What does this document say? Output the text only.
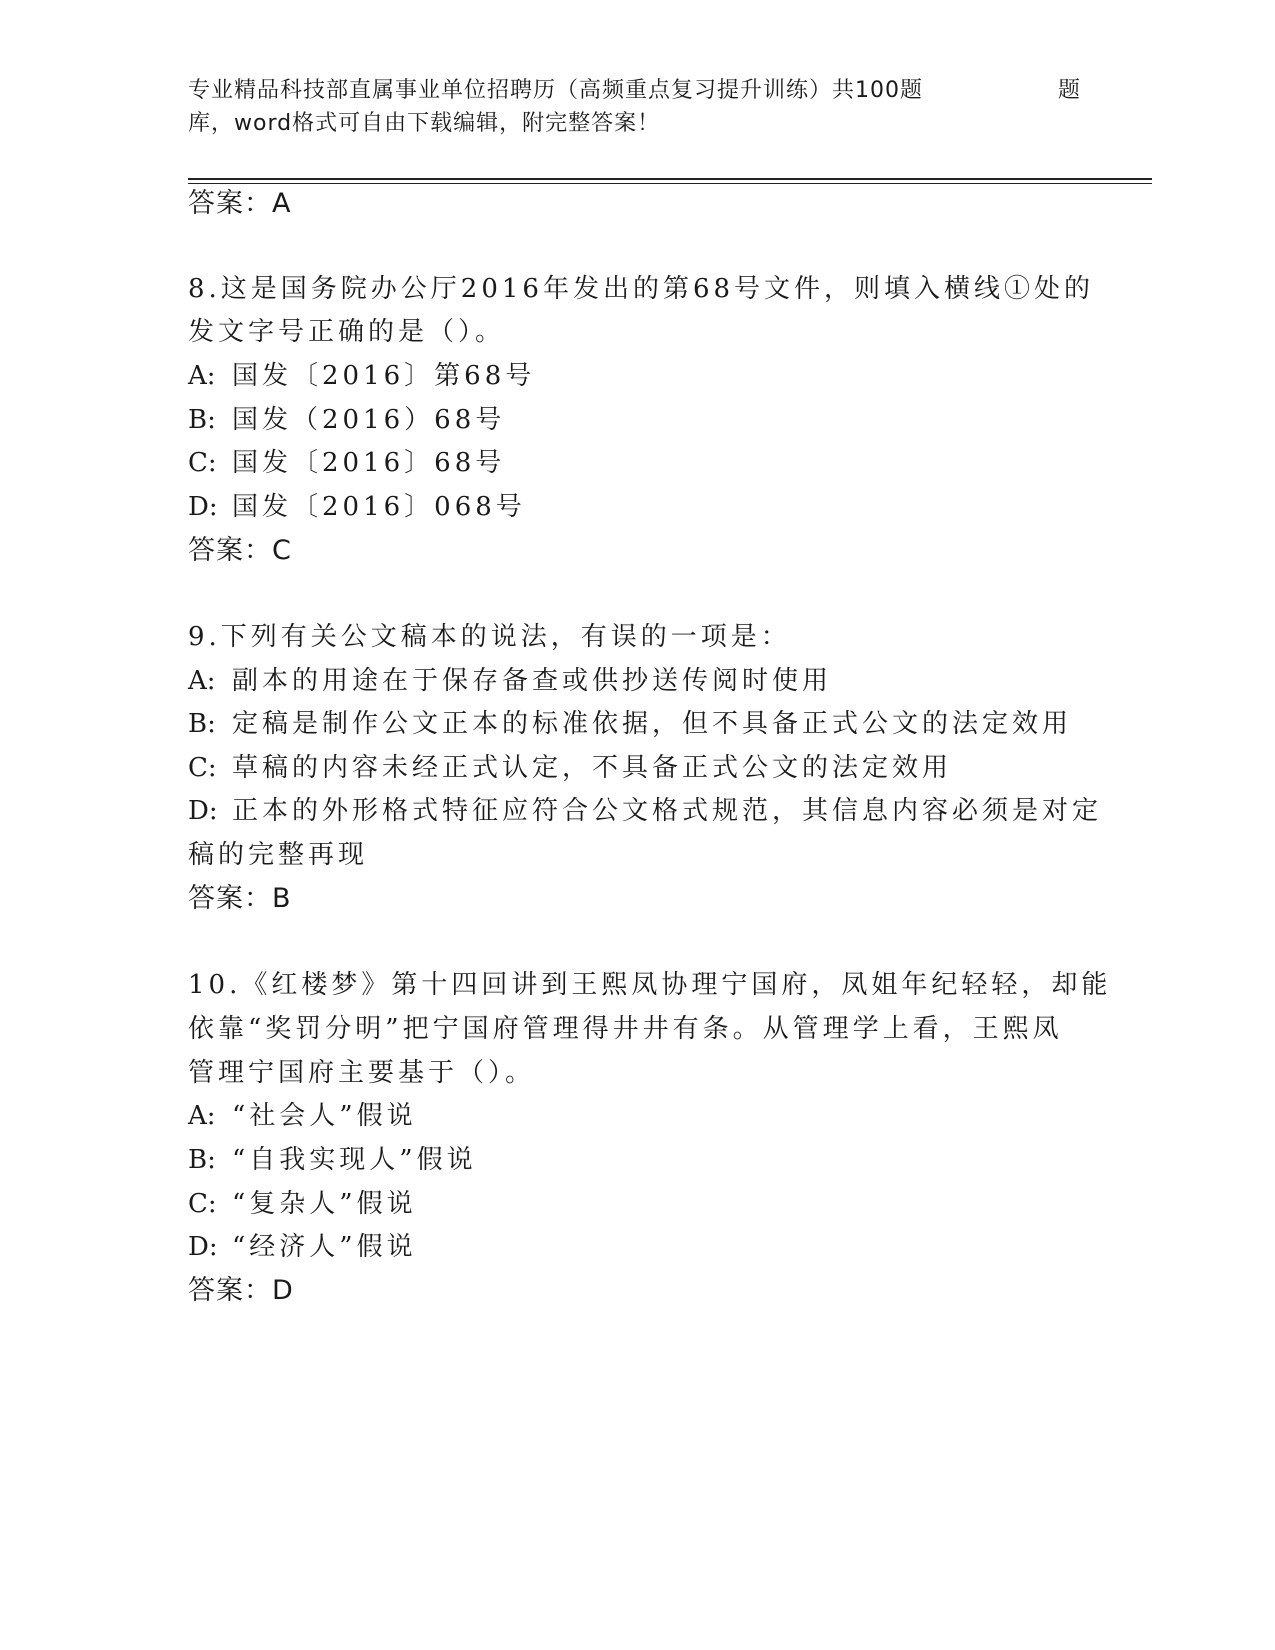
专业精品科技部直属事业单位招聘历（高频重点复习提升训练）共100题	题
库，word格式可自由下载编辑，附完整答案！
答案：A
8.这是国务院办公厅2016年发出的第68号文件，则填入横线①处的
发文字号正确的是（）。
A: 国发〔2016〕第68号
B: 国发（2016）68号
C: 国发〔2016〕68号
D: 国发〔2016〕068号
答案：C
9.下列有关公文稿本的说法，有误的一项是：
A: 副本的用途在于保存备查或供抄送传阅时使用
B: 定稿是制作公文正本的标准依据，但不具备正式公文的法定效用
C: 草稿的内容未经正式认定，不具备正式公文的法定效用
D: 正本的外形格式特征应符合公文格式规范，其信息内容必须是对定
稿的完整再现
答案：B
10.《红楼梦》第十四回讲到王熙凤协理宁国府，凤姐年纪轻轻，却能
依靠“奖罚分明”把宁国府管理得井井有条。从管理学上看，王熙凤
管理宁国府主要基于（）。
A: “社会人”假说
B: “自我实现人”假说
C: “复杂人”假说
D: “经济人”假说
答案：D
